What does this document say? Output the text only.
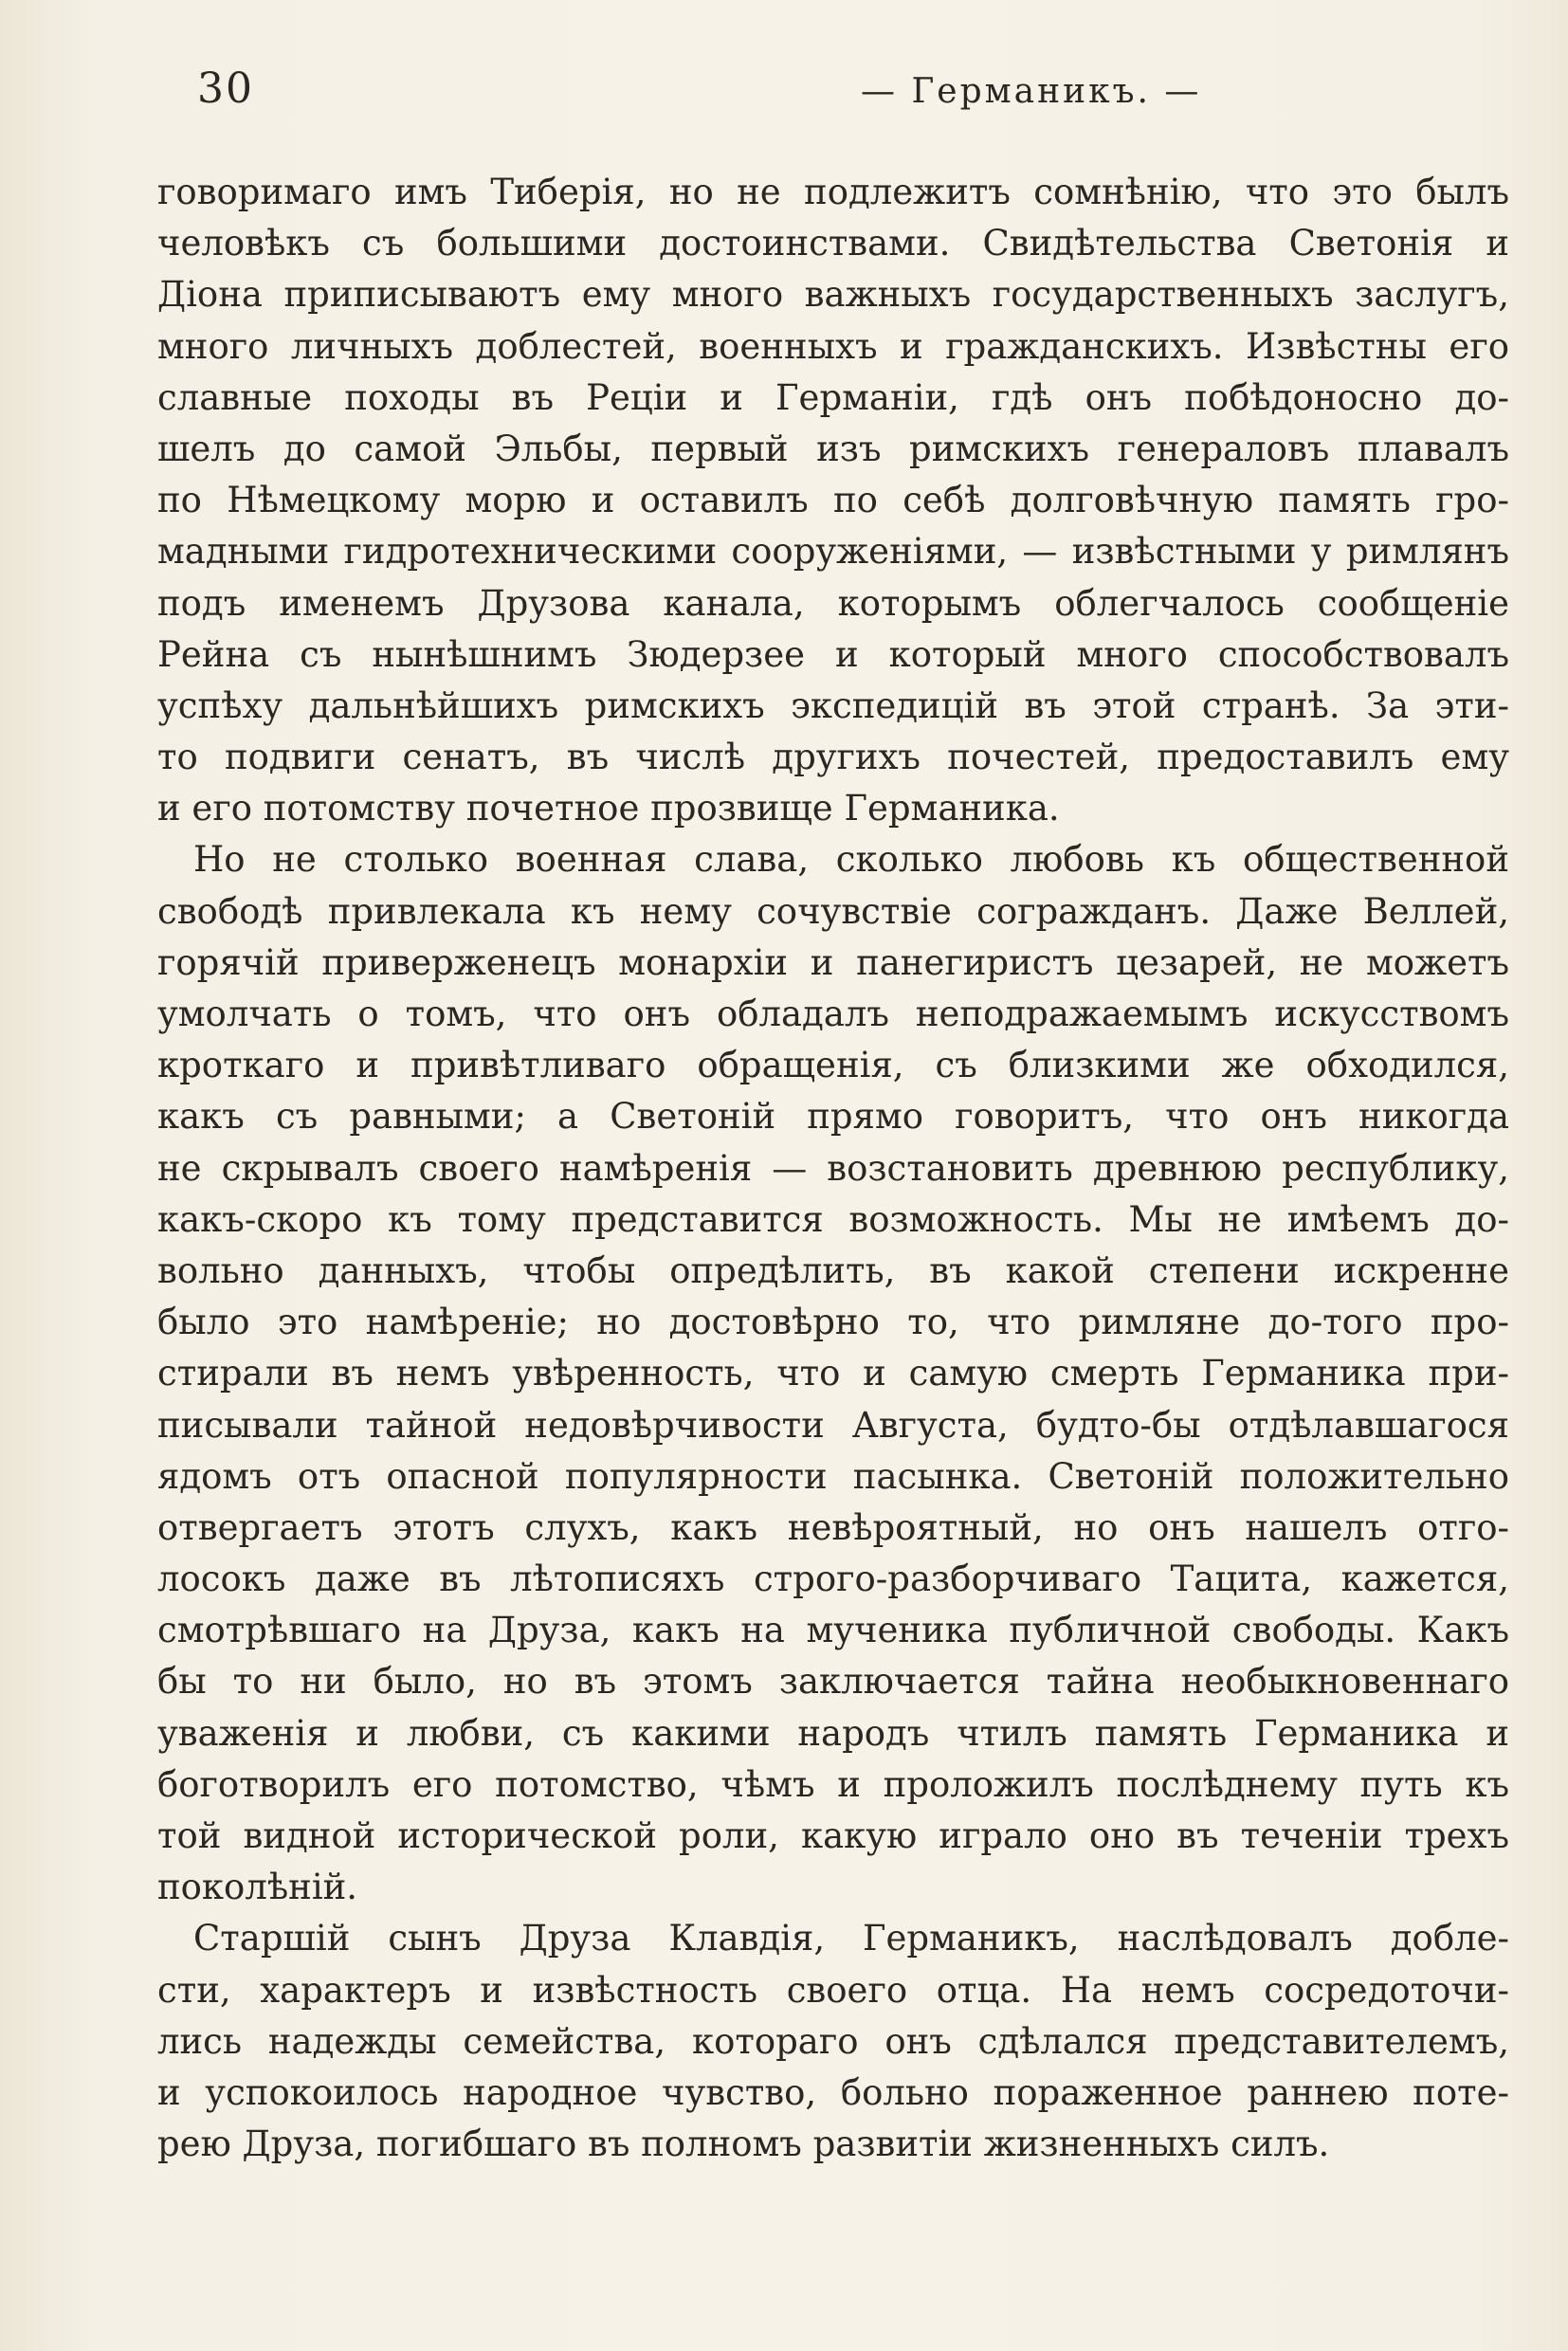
30	— Германикъ. —
говоримаго имъ Тиберія, но не подлежитъ сомнѣнію, что это былъ
человѣкъ съ большими достоинствами. Свидѣтельства Светонія и
Діона приписываютъ ему много важныхъ государственныхъ заслугъ,
много личныхъ доблестей, военныхъ и гражданскихъ. Извѣстны его
славные походы въ Реціи и Германіи, гдѣ онъ побѣдоносно до-
шелъ до самой Эльбы, первый изъ римскихъ генераловъ плавалъ
по Нѣмецкому морю и оставилъ по себѣ долговѣчную память гро-
мадными гидротехническими сооруженіями, — извѣстными у римлянъ
подъ именемъ Друзова канала, которымъ облегчалось сообщеніе
Рейна съ нынѣшнимъ Зюдерзее и который много способствовалъ
успѣху дальнѣйшихъ римскихъ экспедицій въ этой странѣ. За эти-
то подвиги сенатъ, въ числѣ другихъ почестей, предоставилъ ему
и его потомству почетное прозвище Германика.
Но не столько военная слава, сколько любовь къ общественной
свободѣ привлекала къ нему сочувствіе согражданъ. Даже Веллей,
горячій приверженецъ монархіи и панегиристъ цезарей, не можетъ
умолчать о томъ, что онъ обладалъ неподражаемымъ искусствомъ
кроткаго и привѣтливаго обращенія, съ близкими же обходился,
какъ съ равными; а Светоній прямо говоритъ, что онъ никогда
не скрывалъ своего намѣренія — возстановить древнюю республику,
какъ-скоро къ тому представится возможность. Мы не имѣемъ до-
вольно данныхъ, чтобы опредѣлить, въ какой степени искренне
было это намѣреніе; но достовѣрно то, что римляне до-того про-
стирали въ немъ увѣренность, что и самую смерть Германика при-
писывали тайной недовѣрчивости Августа, будто-бы отдѣлавшагося
ядомъ отъ опасной популярности пасынка. Светоній положительно
отвергаетъ этотъ слухъ, какъ невѣроятный, но онъ нашелъ отго-
лосокъ даже въ лѣтописяхъ строго-разборчиваго Тацита, кажется,
смотрѣвшаго на Друза, какъ на мученика публичной свободы. Какъ
бы то ни было, но въ этомъ заключается тайна необыкновеннаго
уваженія и любви, съ какими народъ чтилъ память Германика и
боготворилъ его потомство, чѣмъ и проложилъ послѣднему путь къ
той видной исторической роли, какую играло оно въ теченіи трехъ
поколѣній.
Старшій сынъ Друза Клавдія, Германикъ, наслѣдовалъ добле-
сти, характеръ и извѣстность своего отца. На немъ сосредоточи-
лись надежды семейства, котораго онъ сдѣлался представителемъ,
и успокоилось народное чувство, больно пораженное раннею поте-
рею Друза, погибшаго въ полномъ развитіи жизненныхъ силъ.
